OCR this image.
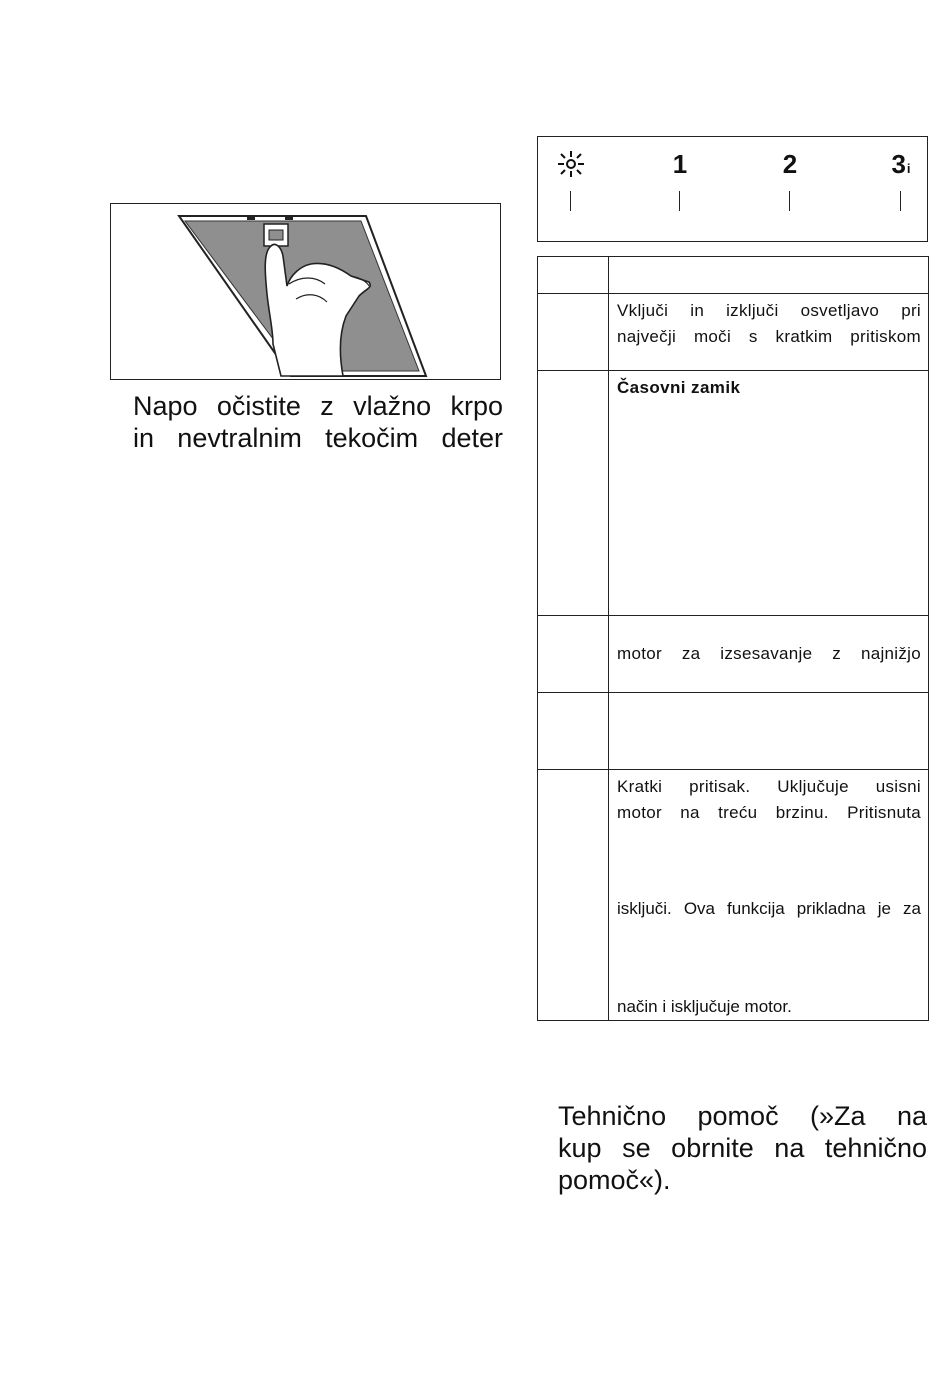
Napo očistite z vlažno krpo
in nevtralnim tekočim deter
1	2	3i

	Vključi in izključi osvetljavo pri
največji moči s kratkim pritiskom

	Časovni zamik

	motor za izsesavanje z najnižjo

	Kratki pritisak. Uključuje usisni
motor na treću brzinu. Pritisnuta
isključi. Ova funkcija prikladna je za
način i isključuje motor.
Tehnično pomoč (»Za na
kup se obrnite na tehnično
pomoč«).
